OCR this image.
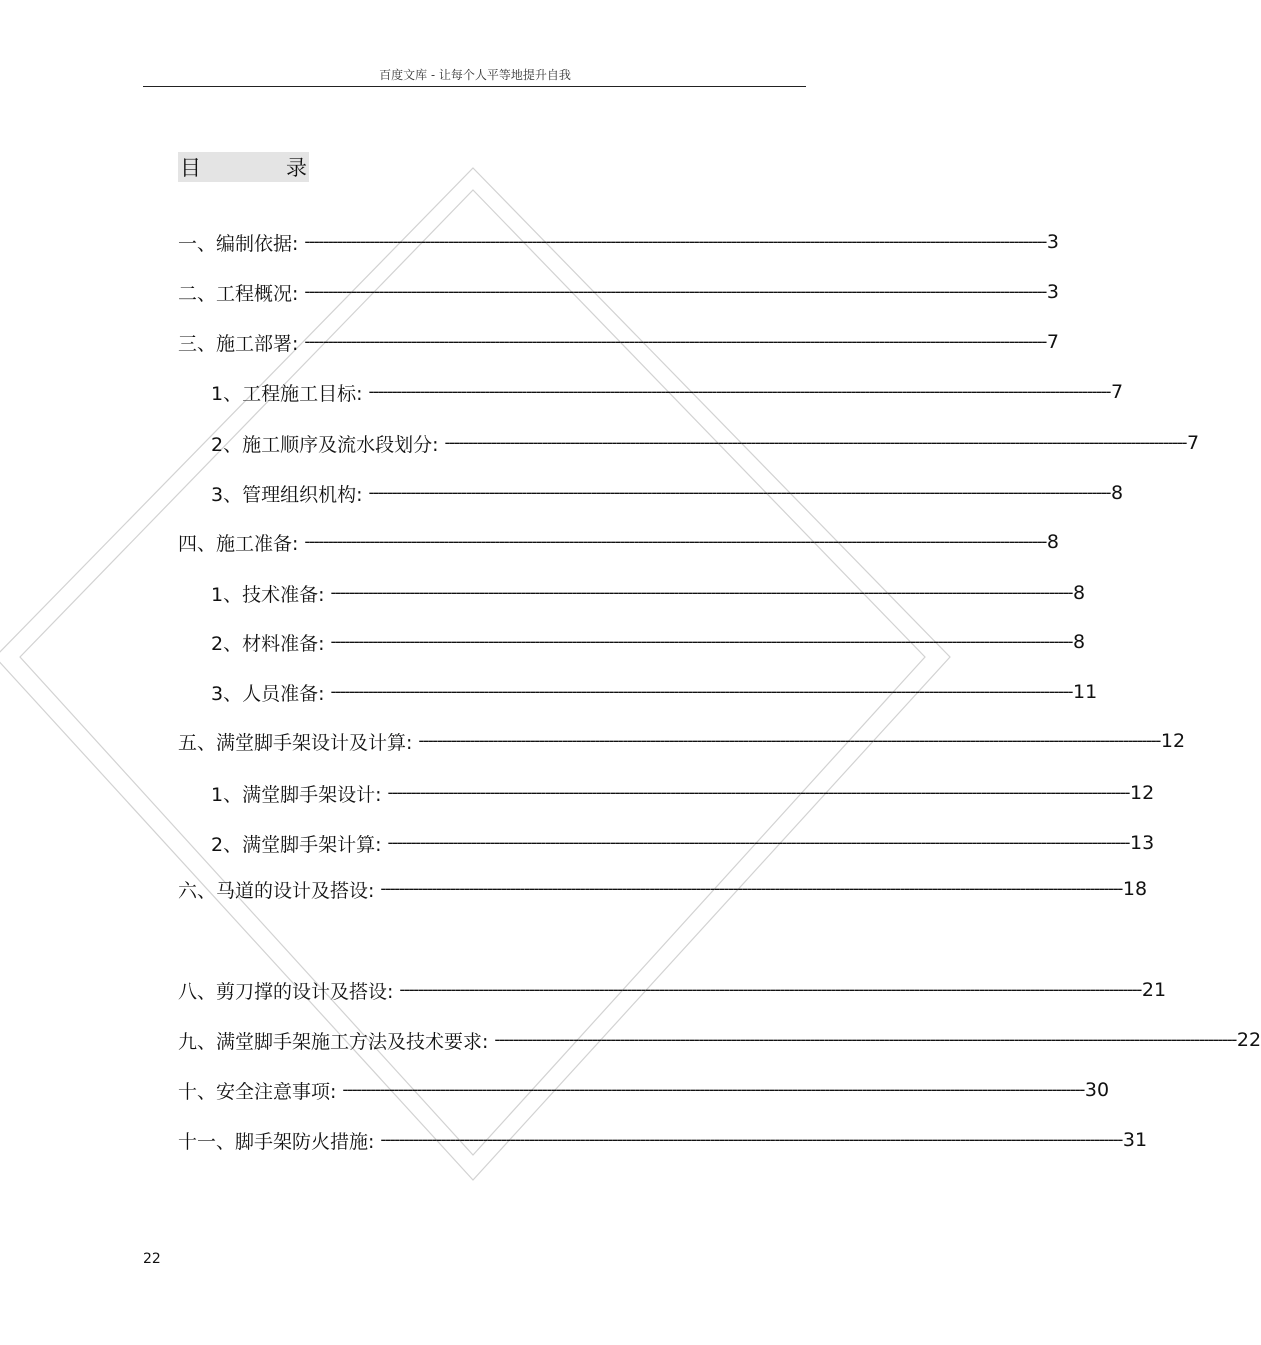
百度文库 - 让每个人平等地提升自我
目	录
一、编制依据: ---------------------------------------------------------------------------------------------------------------------------------------------------------------- 3
二、工程概况: ---------------------------------------------------------------------------------------------------------------------------------------------------------------- 3
三、施工部署: ---------------------------------------------------------------------------------------------------------------------------------------------------------------- 7
1、工程施工目标: ---------------------------------------------------------------------------------------------------------------------------------------------------------------- 7
2、施工顺序及流水段划分: ---------------------------------------------------------------------------------------------------------------------------------------------------------------- 7
3、管理组织机构: ---------------------------------------------------------------------------------------------------------------------------------------------------------------- 8
四、施工准备: ---------------------------------------------------------------------------------------------------------------------------------------------------------------- 8
1、技术准备: ---------------------------------------------------------------------------------------------------------------------------------------------------------------- 8
2、材料准备: ---------------------------------------------------------------------------------------------------------------------------------------------------------------- 8
3、人员准备: ---------------------------------------------------------------------------------------------------------------------------------------------------------------- 11
五、满堂脚手架设计及计算: ---------------------------------------------------------------------------------------------------------------------------------------------------------------- 12
1、满堂脚手架设计: ---------------------------------------------------------------------------------------------------------------------------------------------------------------- 12
2、满堂脚手架计算: ---------------------------------------------------------------------------------------------------------------------------------------------------------------- 13
六、马道的设计及搭设: ---------------------------------------------------------------------------------------------------------------------------------------------------------------- 18
八、剪刀撑的设计及搭设: ---------------------------------------------------------------------------------------------------------------------------------------------------------------- 21
九、满堂脚手架施工方法及技术要求: ---------------------------------------------------------------------------------------------------------------------------------------------------------------- 22
十、安全注意事项: ---------------------------------------------------------------------------------------------------------------------------------------------------------------- 30
十一、脚手架防火措施: ---------------------------------------------------------------------------------------------------------------------------------------------------------------- 31
22
